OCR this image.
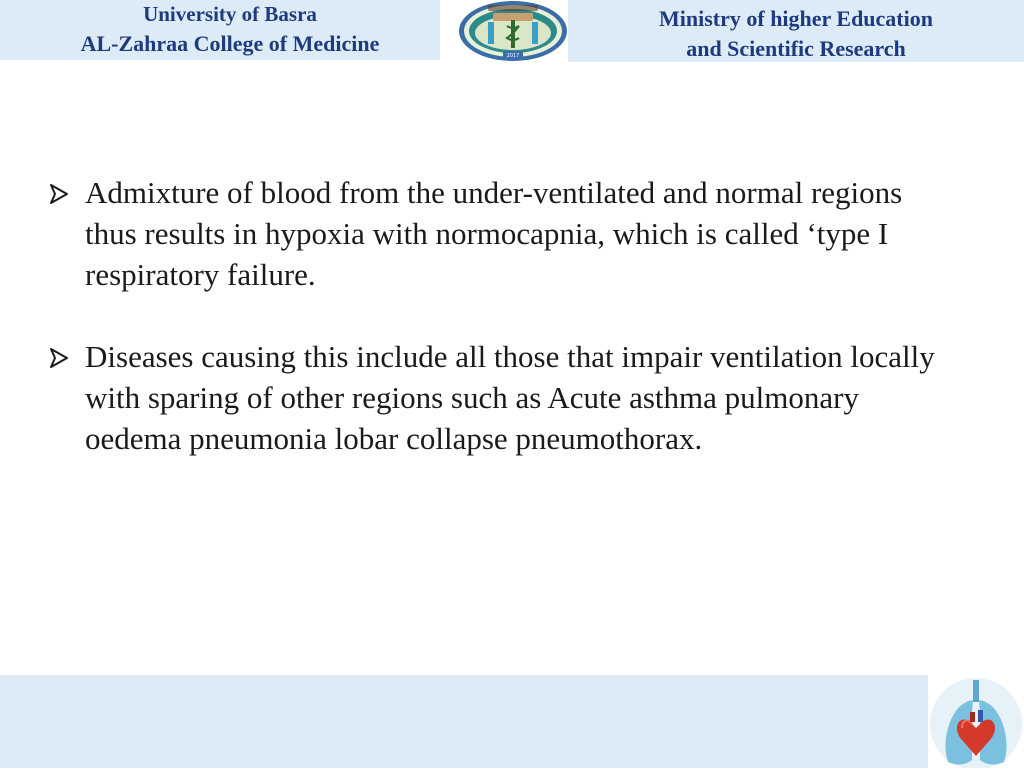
University of Basra
AL-Zahraa College of Medicine	2017
Ministry of higher Education
and Scientific Research
Admixture of blood from the under-ventilated and normal regions thus results in hypoxia with normocapnia, which is called ‘type I respiratory failure.
Diseases causing this include all those that impair ventilation locally with sparing of other regions such as Acute asthma pulmonary oedema pneumonia lobar collapse pneumothorax.
